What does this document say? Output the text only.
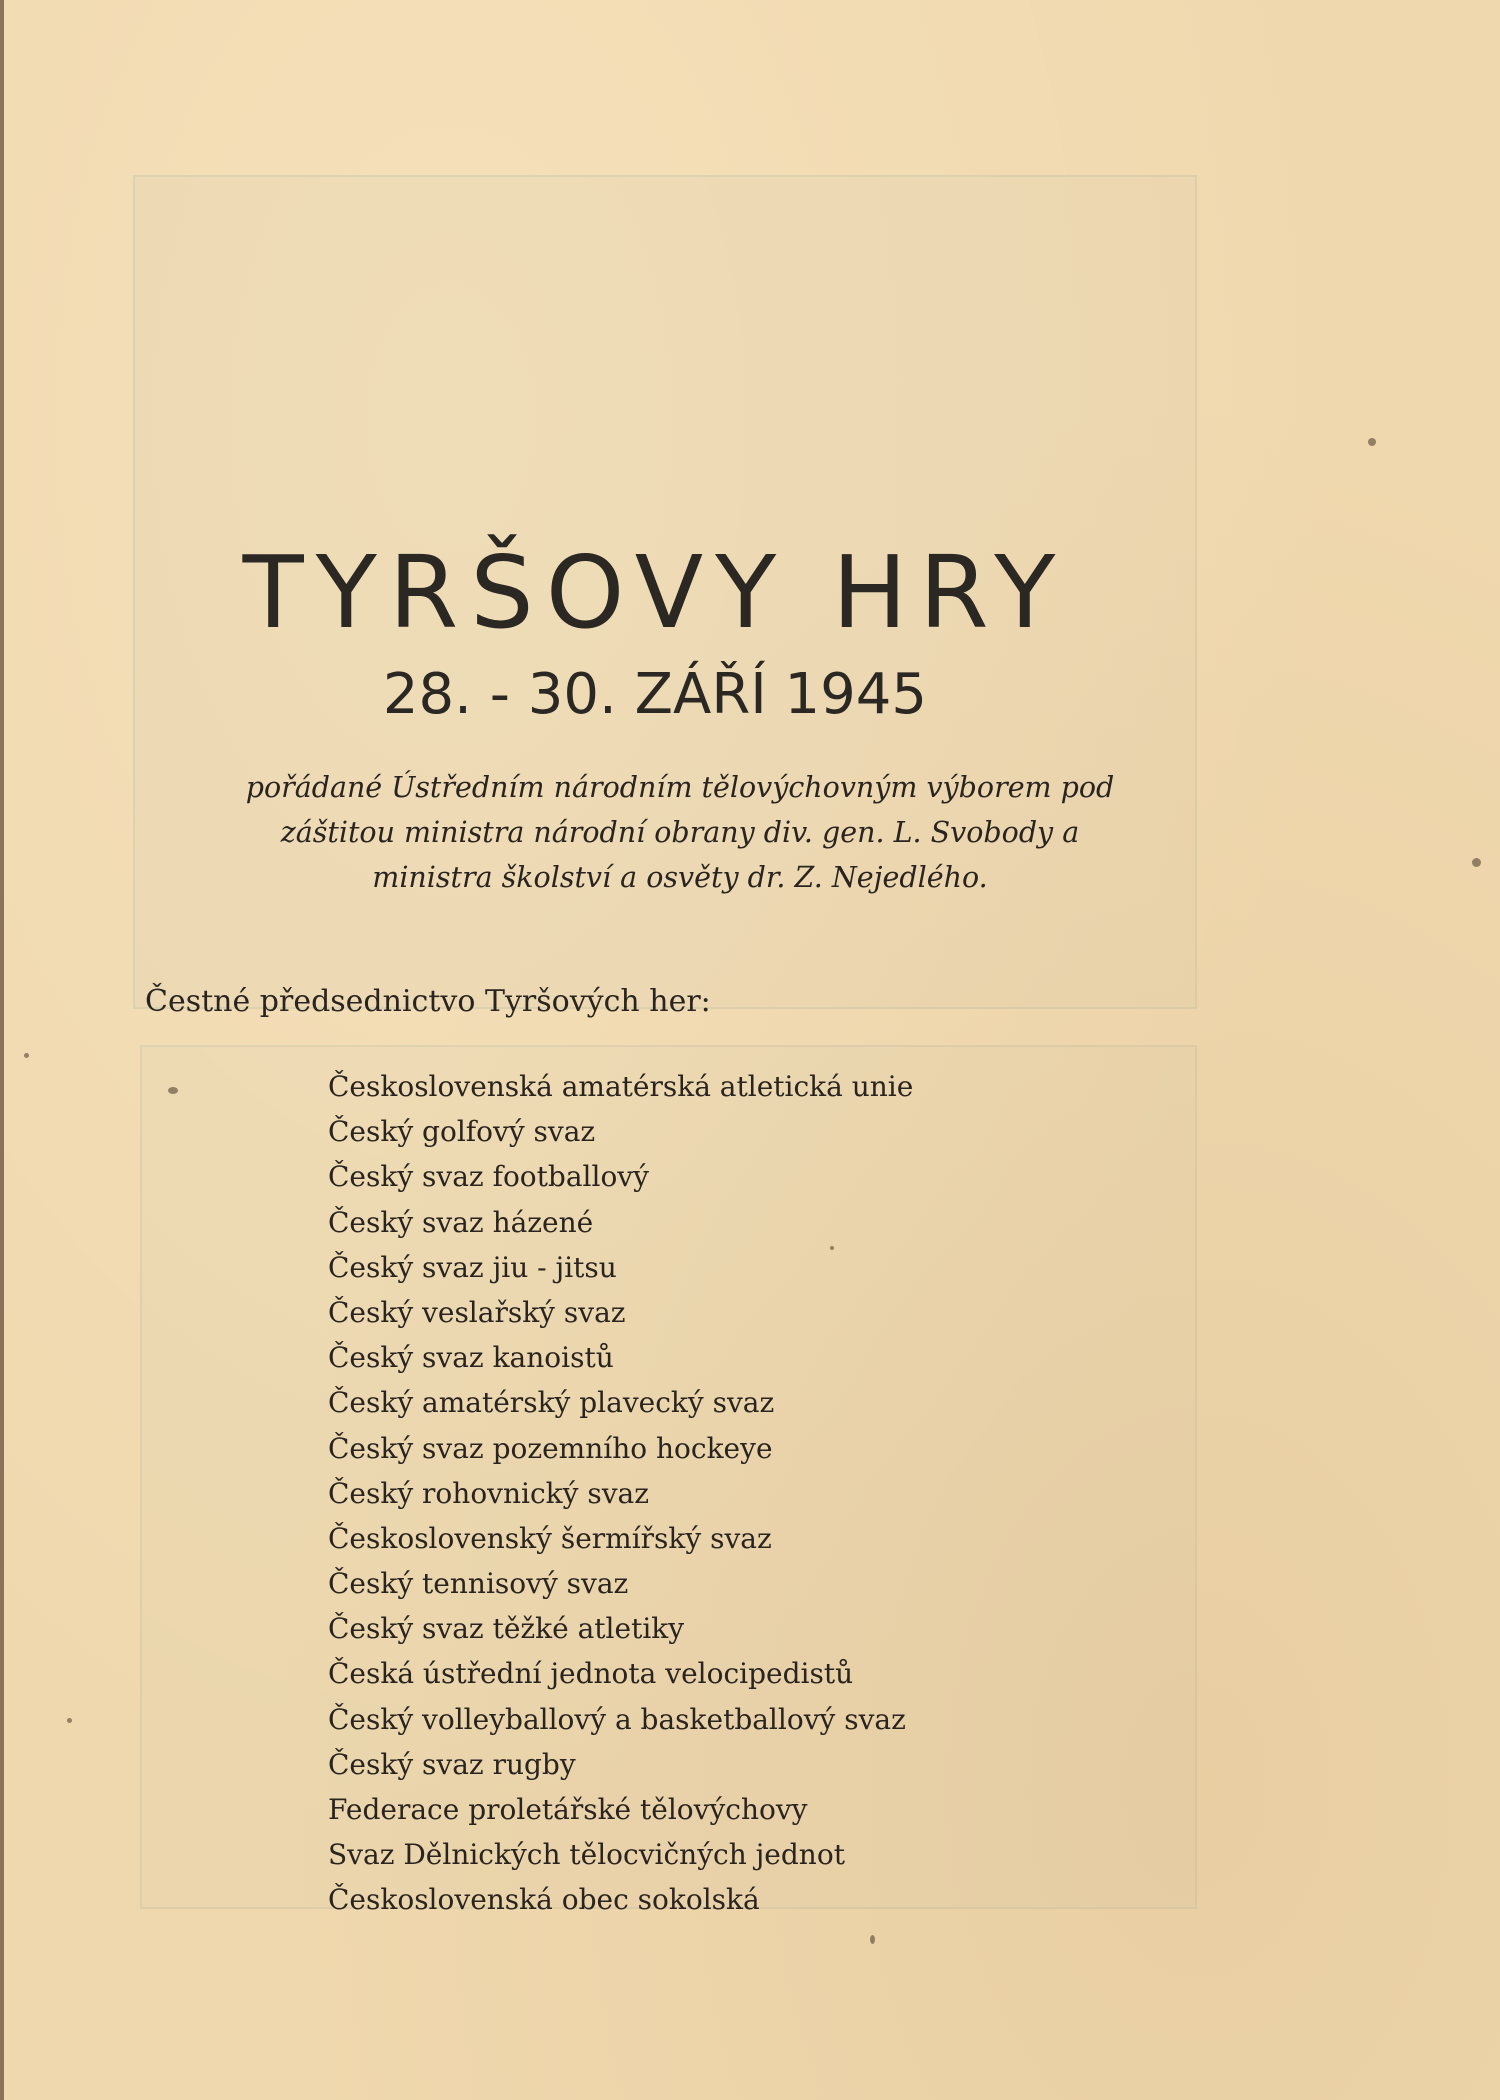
TYRŠOVY HRY
28. - 30. ZÁŘÍ 1945
pořádané Ústředním národním tělovýchovným výborem pod
záštitou ministra národní obrany div. gen. L. Svobody a
ministra školství a osvěty dr. Z. Nejedlého.
Čestné předsednictvo Tyršových her:
Československá amatérská atletická unie
Český golfový svaz
Český svaz footballový
Český svaz házené
Český svaz jiu - jitsu
Český veslařský svaz
Český svaz kanoistů
Český amatérský plavecký svaz
Český svaz pozemního hockeye
Český rohovnický svaz
Československý šermířský svaz
Český tennisový svaz
Český svaz těžké atletiky
Česká ústřední jednota velocipedistů
Český volleyballový a basketballový svaz
Český svaz rugby
Federace proletářské tělovýchovy
Svaz Dělnických tělocvičných jednot
Československá obec sokolská
